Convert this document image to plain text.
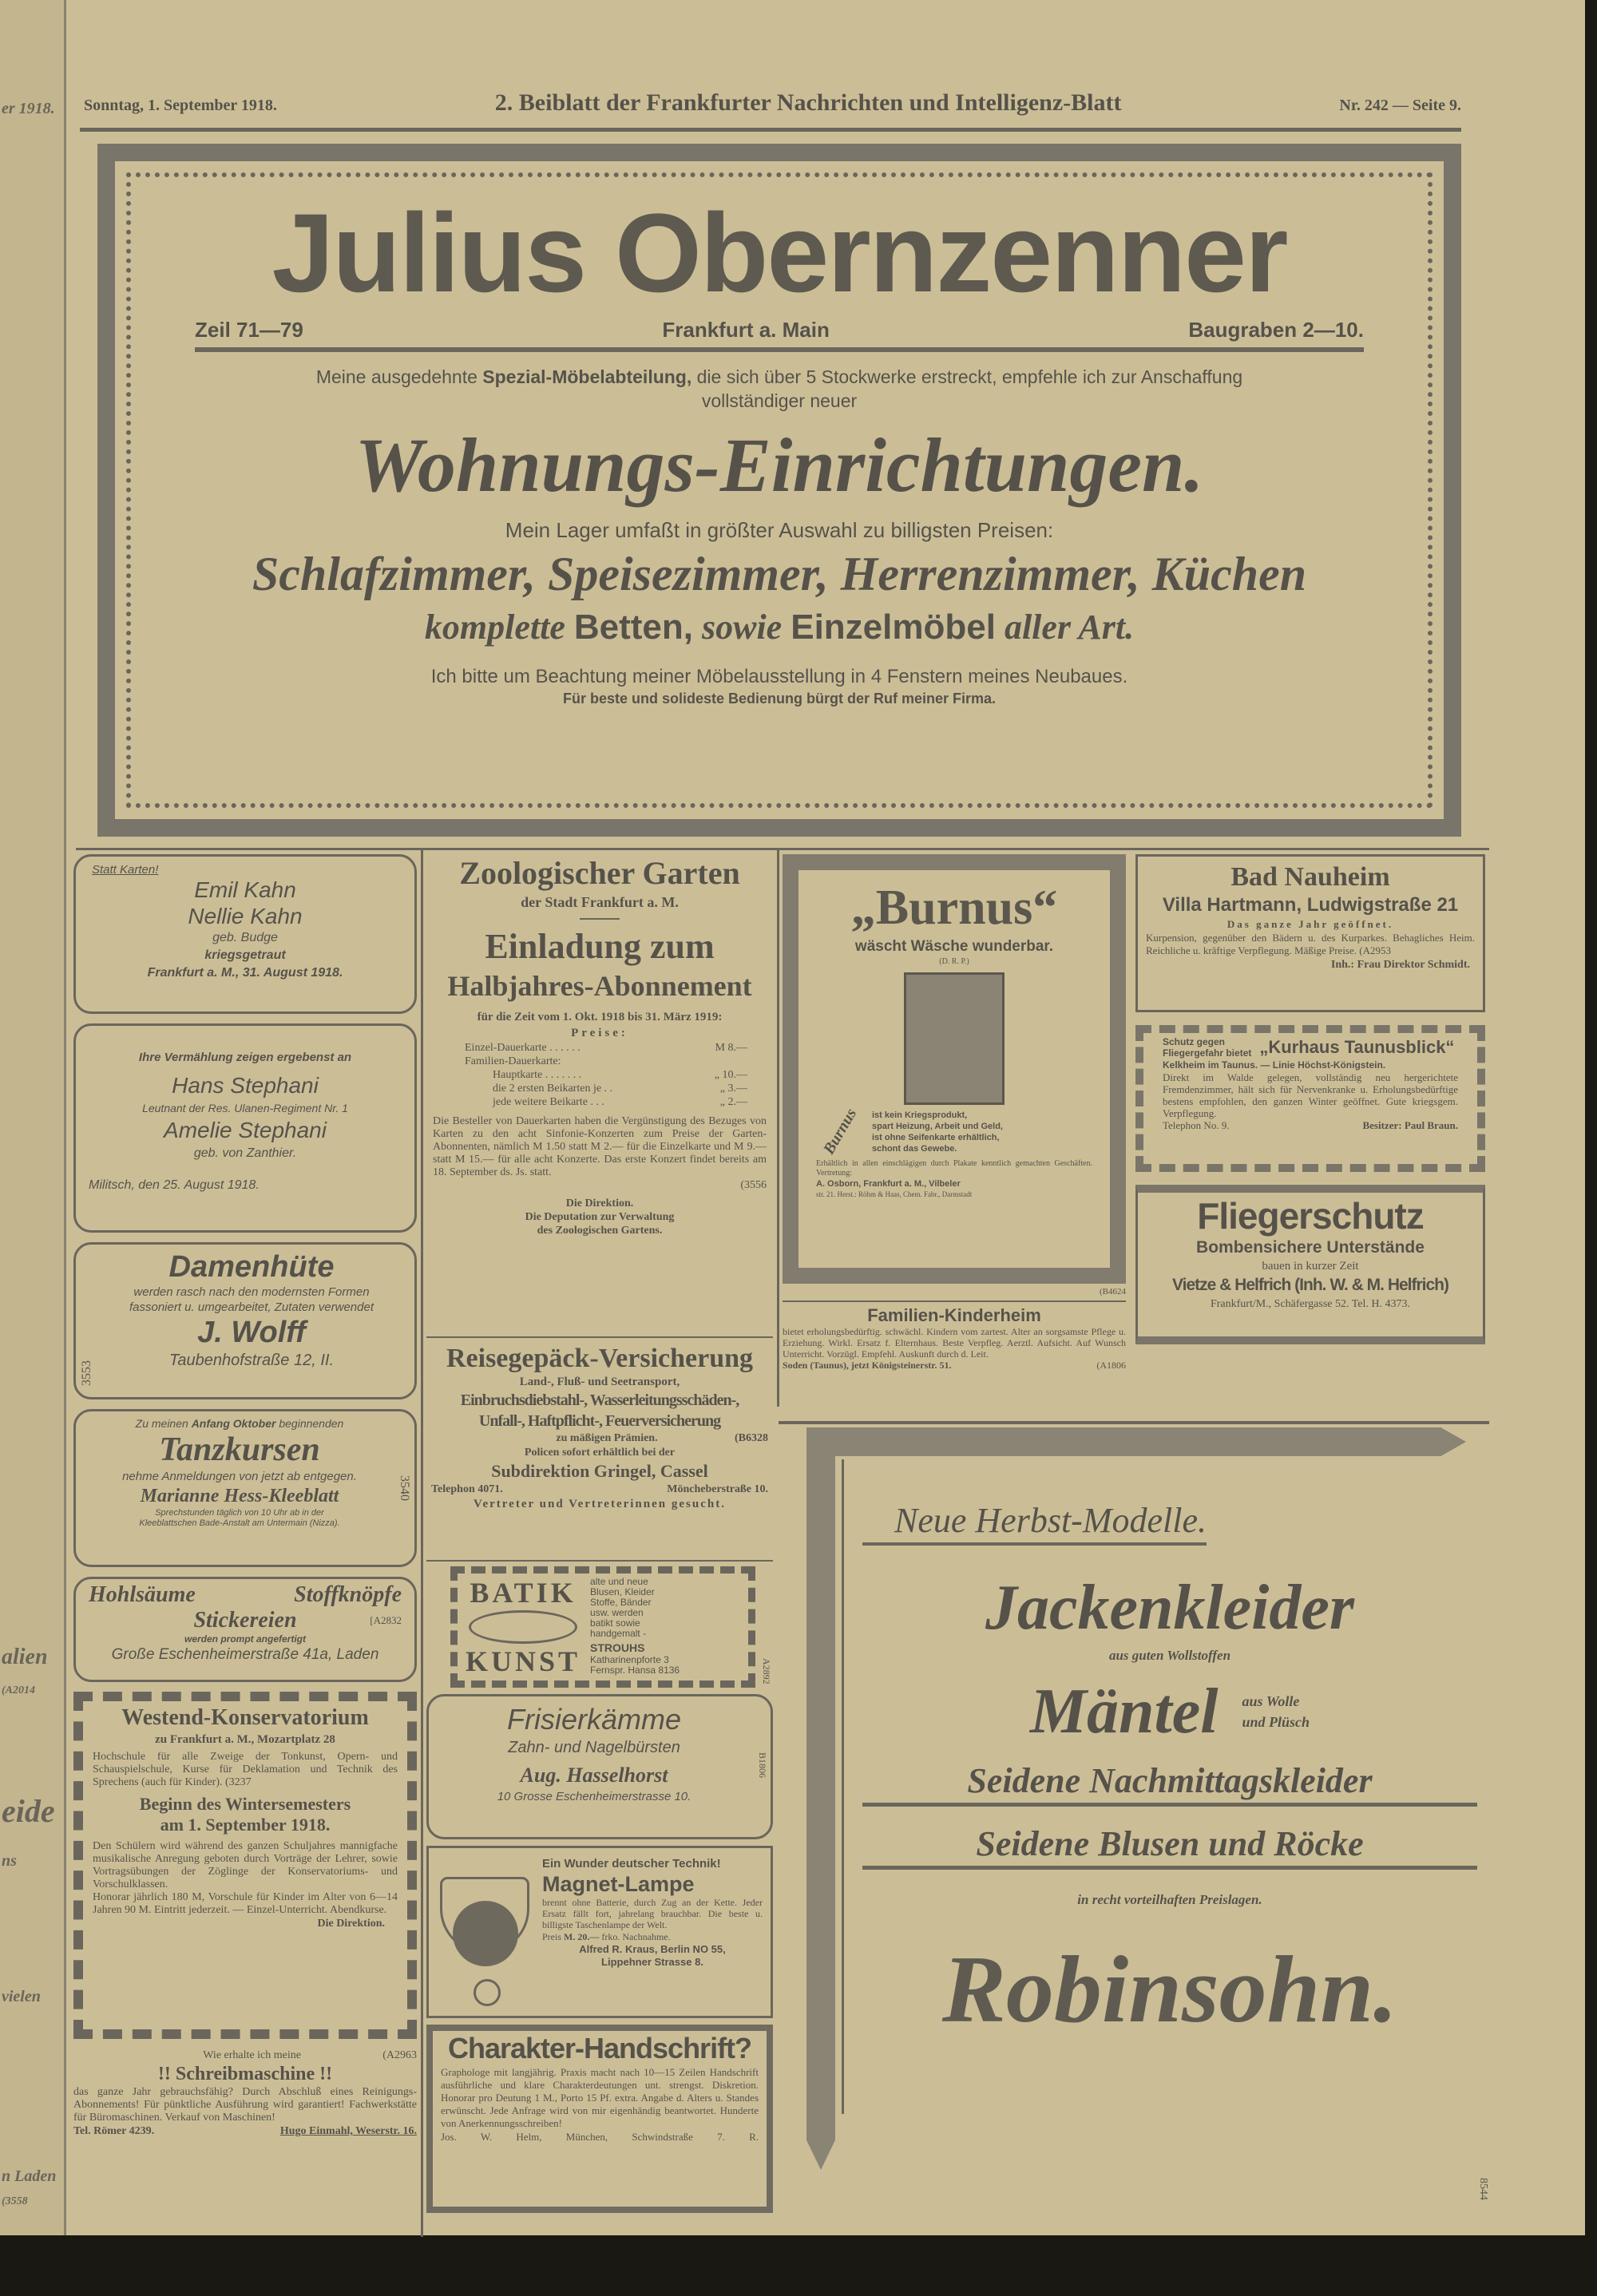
er 1918.
alien
(A2014
eide
ns
vielen
n Laden
(3558
Sonntag, 1. September 1918.	2. Beiblatt der Frankfurter Nachrichten und Intelligenz-Blatt	Nr. 242 — Seite 9.
Julius Obernzenner
Zeil 71—79	Frankfurt a. Main	Baugraben 2—10.
Meine ausgedehnte Spezial-Möbelabteilung, die sich über 5 Stockwerke erstreckt, empfehle ich zur Anschaffung
vollständiger neuer
Wohnungs-Einrichtungen.
Mein Lager umfaßt in größter Auswahl zu billigsten Preisen:
Schlafzimmer, Speisezimmer, Herrenzimmer, Küchen
komplette Betten, sowie Einzelmöbel aller Art.
Ich bitte um Beachtung meiner Möbelausstellung in 4 Fenstern meines Neubaues.
Für beste und solideste Bedienung bürgt der Ruf meiner Firma.
Statt Karten!
Emil Kahn
Nellie Kahn
geb. Budge
kriegsgetraut
Frankfurt a. M., 31. August 1918.
Ihre Vermählung zeigen ergebenst an
Hans Stephani
Leutnant der Res. Ulanen-Regiment Nr. 1
Amelie Stephani
geb. von Zanthier.
Militsch, den 25. August 1918.
Damenhüte
werden rasch nach den modernsten Formen
fassoniert u. umgearbeitet, Zutaten verwendet
J. Wolff
Taubenhofstraße 12, II.
3553
Zu meinen Anfang Oktober beginnenden
Tanzkursen
nehme Anmeldungen von jetzt ab entgegen.
Marianne Hess-Kleeblatt
Sprechstunden täglich von 10 Uhr ab in der
Kleeblattschen Bade-Anstalt am Untermain (Nizza).
3540
Hohlsäume	Stoffknöpfe
Stickereien	[A2832
werden prompt angefertigt
Große Eschenheimerstraße 41a, Laden
Westend-Konservatorium
zu Frankfurt a. M., Mozartplatz 28
Hochschule für alle Zweige der Tonkunst, Opern- und Schauspielschule, Kurse für Deklamation und Technik des Sprechens (auch für Kinder). (3237
Beginn des Wintersemesters
am 1. September 1918.
Den Schülern wird während des ganzen Schuljahres mannigfache musikalische Anregung geboten durch Vorträge der Lehrer, sowie Vortragsübungen der Zöglinge der Konservatoriums- und Vorschulklassen.
Honorar jährlich 180 M, Vorschule für Kinder im Alter von 6—14 Jahren 90 M. Eintritt jederzeit. — Einzel-Unterricht. Abendkurse.
Die Direktion.
Wie erhalte ich meine	(A2963
!! Schreibmaschine !!
das ganze Jahr gebrauchsfähig? Durch Abschluß eines Reinigungs-Abonnements! Für pünktliche Ausführung wird garantiert! Fachwerkstätte für Büromaschinen. Verkauf von Maschinen!
Tel. Römer 4239.	Hugo Einmahl, Weserstr. 16.
Zoologischer Garten
der Stadt Frankfurt a. M.
Einladung zum
Halbjahres-Abonnement
für die Zeit vom 1. Okt. 1918 bis 31. März 1919:
Preise:
Einzel-Dauerkarte . . . . . .	M 8.—
Familien-Dauerkarte:
Hauptkarte . . . . . . .	„ 10.—
die 2 ersten Beikarten je . .	„ 3.—
jede weitere Beikarte . . .	„ 2.—
Die Besteller von Dauerkarten haben die Vergünstigung des Bezuges von Karten zu den acht Sinfonie-Konzerten zum Preise der Garten-Abonnenten, nämlich M 1.50 statt M 2.— für die Einzelkarte und M 9.— statt M 15.— für alle acht Konzerte. Das erste Konzert findet bereits am 18. September ds. Js. statt.
(3556
Die Direktion.
Die Deputation zur Verwaltung
des Zoologischen Gartens.
Reisegepäck-Versicherung
Land-, Fluß- und Seetransport,
Einbruchsdiebstahl-, Wasserleitungsschäden-,
Unfall-, Haftpflicht-, Feuerversicherung
zu mäßigen Prämien.	(B6328
Policen sofort erhältlich bei der
Subdirektion Gringel, Cassel
Telephon 4071.	Möncheberstraße 10.
Vertreter und Vertreterinnen gesucht.
BATIK
KUNST
alte und neue
Blusen, Kleider
Stoffe, Bänder
usw. werden
batikt sowie
handgemalt -
STROUHS
Katharinenpforte 3
Fernspr. Hansa 8136	A2892
Frisierkämme
Zahn- und Nagelbürsten
Aug. Hasselhorst
10 Grosse Eschenheimerstrasse 10.
B1806
Ein Wunder deutscher Technik!
Magnet-Lampe
brennt ohne Batterie, durch Zug an der Kette. Jeder Ersatz fällt fort, jahrelang brauchbar. Die beste u. billigste Taschenlampe der Welt.
Preis M. 20.— frko. Nachnahme.
Alfred R. Kraus, Berlin NO 55,
Lippehner Strasse 8.
Charakter-Handschrift?
Graphologe mit langjährig. Praxis macht nach 10—15 Zeilen Handschrift ausführliche und klare Charakterdeutungen unt. strengst. Diskretion. Honorar pro Deutung 1 M., Porto 15 Pf. extra. Angabe d. Alters u. Standes erwünscht. Jede Anfrage wird von mir eigenhändig beantwortet. Hunderte von Anerkennungsschreiben!
Jos. W. Helm, München, Schwindstraße 7. R.
„Burnus“
wäscht Wäsche wunderbar.
(D. R. P.)
Burnus ist kein Kriegsprodukt,
spart Heizung, Arbeit und Geld,
ist ohne Seifenkarte erhältlich,
schont das Gewebe.
Erhältlich in allen einschlägigen durch Plakate kenntlich gemachten Geschäften. Vertretung:
A. Osborn, Frankfurt a. M., Vilbeler
str. 21. Herst.: Röhm & Haas, Chem. Fabr., Darmstadt
(B4624
Familien-Kinderheim
bietet erholungsbedürftig. schwächl. Kindern vom zartest. Alter an sorgsamste Pflege u. Erziehung. Wirkl. Ersatz f. Elternhaus. Beste Verpfleg. Aerztl. Aufsicht. Auf Wunsch Unterricht. Vorzügl. Empfehl. Auskunft durch d. Leit.
Soden (Taunus), jetzt Königsteinerstr. 51.	(A1806
Bad Nauheim
Villa Hartmann, Ludwigstraße 21
Das ganze Jahr geöffnet.
Kurpension, gegenüber den Bädern u. des Kurparkes. Behagliches Heim. Reichliche u. kräftige Verpflegung. Mäßige Preise. (A2953
Inh.: Frau Direktor Schmidt.
Schutz gegen
Fliegergefahr bietet „Kurhaus Taunusblick“
Kelkheim im Taunus. — Linie Höchst-Königstein.
Direkt im Walde gelegen, vollständig neu hergerichtete Fremdenzimmer, hält sich für Nervenkranke u. Erholungsbedürftige bestens empfohlen, den ganzen Winter geöffnet. Gute kriegsgem. Verpflegung.
Telephon No. 9.	Besitzer: Paul Braun.
Fliegerschutz
Bombensichere Unterstände
bauen in kurzer Zeit
Vietze & Helfrich (Inh. W. & M. Helfrich)
Frankfurt/M., Schäfergasse 52. Tel. H. 4373.
Neue Herbst-Modelle.
Jackenkleider
aus guten Wollstoffen
Mäntel aus Wolle
und Plüsch
Seidene Nachmittagskleider
Seidene Blusen und Röcke
in recht vorteilhaften Preislagen.
Robinsohn.
8544
